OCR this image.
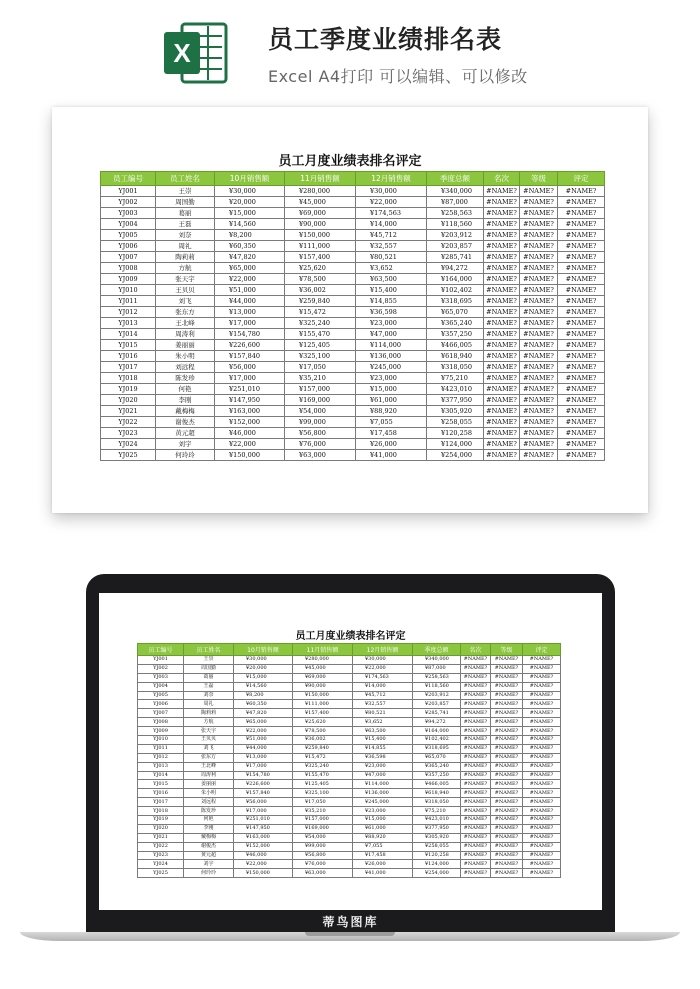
X	员工季度业绩排名表
Excel A4打印 可以编辑、可以修改
员工月度业绩表排名评定
员工编号	员工姓名	10月销售额	11月销售额	12月销售额	季度总额	名次	等级	评定
YJ001	王崇	¥30,000	¥280,000	¥30,000	¥340,000	#NAME?	#NAME?	#NAME?
YJ002	周国勤	¥20,000	¥45,000	¥22,000	¥87,000	#NAME?	#NAME?	#NAME?
YJ003	葛丽	¥15,000	¥69,000	¥174,563	¥258,563	#NAME?	#NAME?	#NAME?
YJ004	王磊	¥14,560	¥90,000	¥14,000	¥118,560	#NAME?	#NAME?	#NAME?
YJ005	刘奈	¥8,200	¥150,000	¥45,712	¥203,912	#NAME?	#NAME?	#NAME?
YJ006	周礼	¥60,350	¥111,000	¥32,557	¥203,857	#NAME?	#NAME?	#NAME?
YJ007	陶莉莉	¥47,820	¥157,400	¥80,521	¥285,741	#NAME?	#NAME?	#NAME?
YJ008	方航	¥65,000	¥25,620	¥3,652	¥94,272	#NAME?	#NAME?	#NAME?
YJ009	张天宇	¥22,000	¥78,500	¥63,500	¥164,000	#NAME?	#NAME?	#NAME?
YJ010	王贝贝	¥51,000	¥36,002	¥15,400	¥102,402	#NAME?	#NAME?	#NAME?
YJ011	刘飞	¥44,000	¥259,840	¥14,855	¥318,695	#NAME?	#NAME?	#NAME?
YJ012	张东方	¥13,000	¥15,472	¥36,598	¥65,070	#NAME?	#NAME?	#NAME?
YJ013	王北峰	¥17,000	¥325,240	¥23,000	¥365,240	#NAME?	#NAME?	#NAME?
YJ014	周涛利	¥154,780	¥155,470	¥47,000	¥357,250	#NAME?	#NAME?	#NAME?
YJ015	姜丽丽	¥226,600	¥125,405	¥114,000	¥466,005	#NAME?	#NAME?	#NAME?
YJ016	朱小明	¥157,840	¥325,100	¥136,000	¥618,940	#NAME?	#NAME?	#NAME?
YJ017	刘远程	¥56,000	¥17,050	¥245,000	¥318,050	#NAME?	#NAME?	#NAME?
YJ018	陈发珍	¥17,000	¥35,210	¥23,000	¥75,210	#NAME?	#NAME?	#NAME?
YJ019	何艳	¥251,010	¥157,000	¥15,000	¥423,010	#NAME?	#NAME?	#NAME?
YJ020	李刚	¥147,950	¥169,000	¥61,000	¥377,950	#NAME?	#NAME?	#NAME?
YJ021	戴梅梅	¥163,000	¥54,000	¥88,920	¥305,920	#NAME?	#NAME?	#NAME?
YJ022	谢俊杰	¥152,000	¥99,000	¥7,055	¥258,055	#NAME?	#NAME?	#NAME?
YJ023	黄元超	¥46,000	¥56,800	¥17,458	¥120,258	#NAME?	#NAME?	#NAME?
YJ024	刘宇	¥22,000	¥76,000	¥26,000	¥124,000	#NAME?	#NAME?	#NAME?
YJ025	何玲玲	¥150,000	¥63,000	¥41,000	¥254,000	#NAME?	#NAME?	#NAME?
员工月度业绩表排名评定
员工编号	员工姓名	10月销售额	11月销售额	12月销售额	季度总额	名次	等级	评定
YJ001	王崇	¥30,000	¥280,000	¥30,000	¥340,000	#NAME?	#NAME?	#NAME?
YJ002	周国勤	¥20,000	¥45,000	¥22,000	¥87,000	#NAME?	#NAME?	#NAME?
YJ003	葛丽	¥15,000	¥69,000	¥174,563	¥258,563	#NAME?	#NAME?	#NAME?
YJ004	王磊	¥14,560	¥90,000	¥14,000	¥118,560	#NAME?	#NAME?	#NAME?
YJ005	刘奈	¥8,200	¥150,000	¥45,712	¥203,912	#NAME?	#NAME?	#NAME?
YJ006	周礼	¥60,350	¥111,000	¥32,557	¥203,857	#NAME?	#NAME?	#NAME?
YJ007	陶莉莉	¥47,820	¥157,400	¥80,521	¥285,741	#NAME?	#NAME?	#NAME?
YJ008	方航	¥65,000	¥25,620	¥3,652	¥94,272	#NAME?	#NAME?	#NAME?
YJ009	张天宇	¥22,000	¥78,500	¥63,500	¥164,000	#NAME?	#NAME?	#NAME?
YJ010	王贝贝	¥51,000	¥36,002	¥15,400	¥102,402	#NAME?	#NAME?	#NAME?
YJ011	刘飞	¥44,000	¥259,840	¥14,855	¥318,695	#NAME?	#NAME?	#NAME?
YJ012	张东方	¥13,000	¥15,472	¥36,598	¥65,070	#NAME?	#NAME?	#NAME?
YJ013	王北峰	¥17,000	¥325,240	¥23,000	¥365,240	#NAME?	#NAME?	#NAME?
YJ014	周涛利	¥154,780	¥155,470	¥47,000	¥357,250	#NAME?	#NAME?	#NAME?
YJ015	姜丽丽	¥226,600	¥125,405	¥114,000	¥466,005	#NAME?	#NAME?	#NAME?
YJ016	朱小明	¥157,840	¥325,100	¥136,000	¥618,940	#NAME?	#NAME?	#NAME?
YJ017	刘远程	¥56,000	¥17,050	¥245,000	¥318,050	#NAME?	#NAME?	#NAME?
YJ018	陈发珍	¥17,000	¥35,210	¥23,000	¥75,210	#NAME?	#NAME?	#NAME?
YJ019	何艳	¥251,010	¥157,000	¥15,000	¥423,010	#NAME?	#NAME?	#NAME?
YJ020	李刚	¥147,950	¥169,000	¥61,000	¥377,950	#NAME?	#NAME?	#NAME?
YJ021	戴梅梅	¥163,000	¥54,000	¥88,920	¥305,920	#NAME?	#NAME?	#NAME?
YJ022	谢俊杰	¥152,000	¥99,000	¥7,055	¥258,055	#NAME?	#NAME?	#NAME?
YJ023	黄元超	¥46,000	¥56,800	¥17,458	¥120,258	#NAME?	#NAME?	#NAME?
YJ024	刘宇	¥22,000	¥76,000	¥26,000	¥124,000	#NAME?	#NAME?	#NAME?
YJ025	何玲玲	¥150,000	¥63,000	¥41,000	¥254,000	#NAME?	#NAME?	#NAME?
蒂鸟图库
